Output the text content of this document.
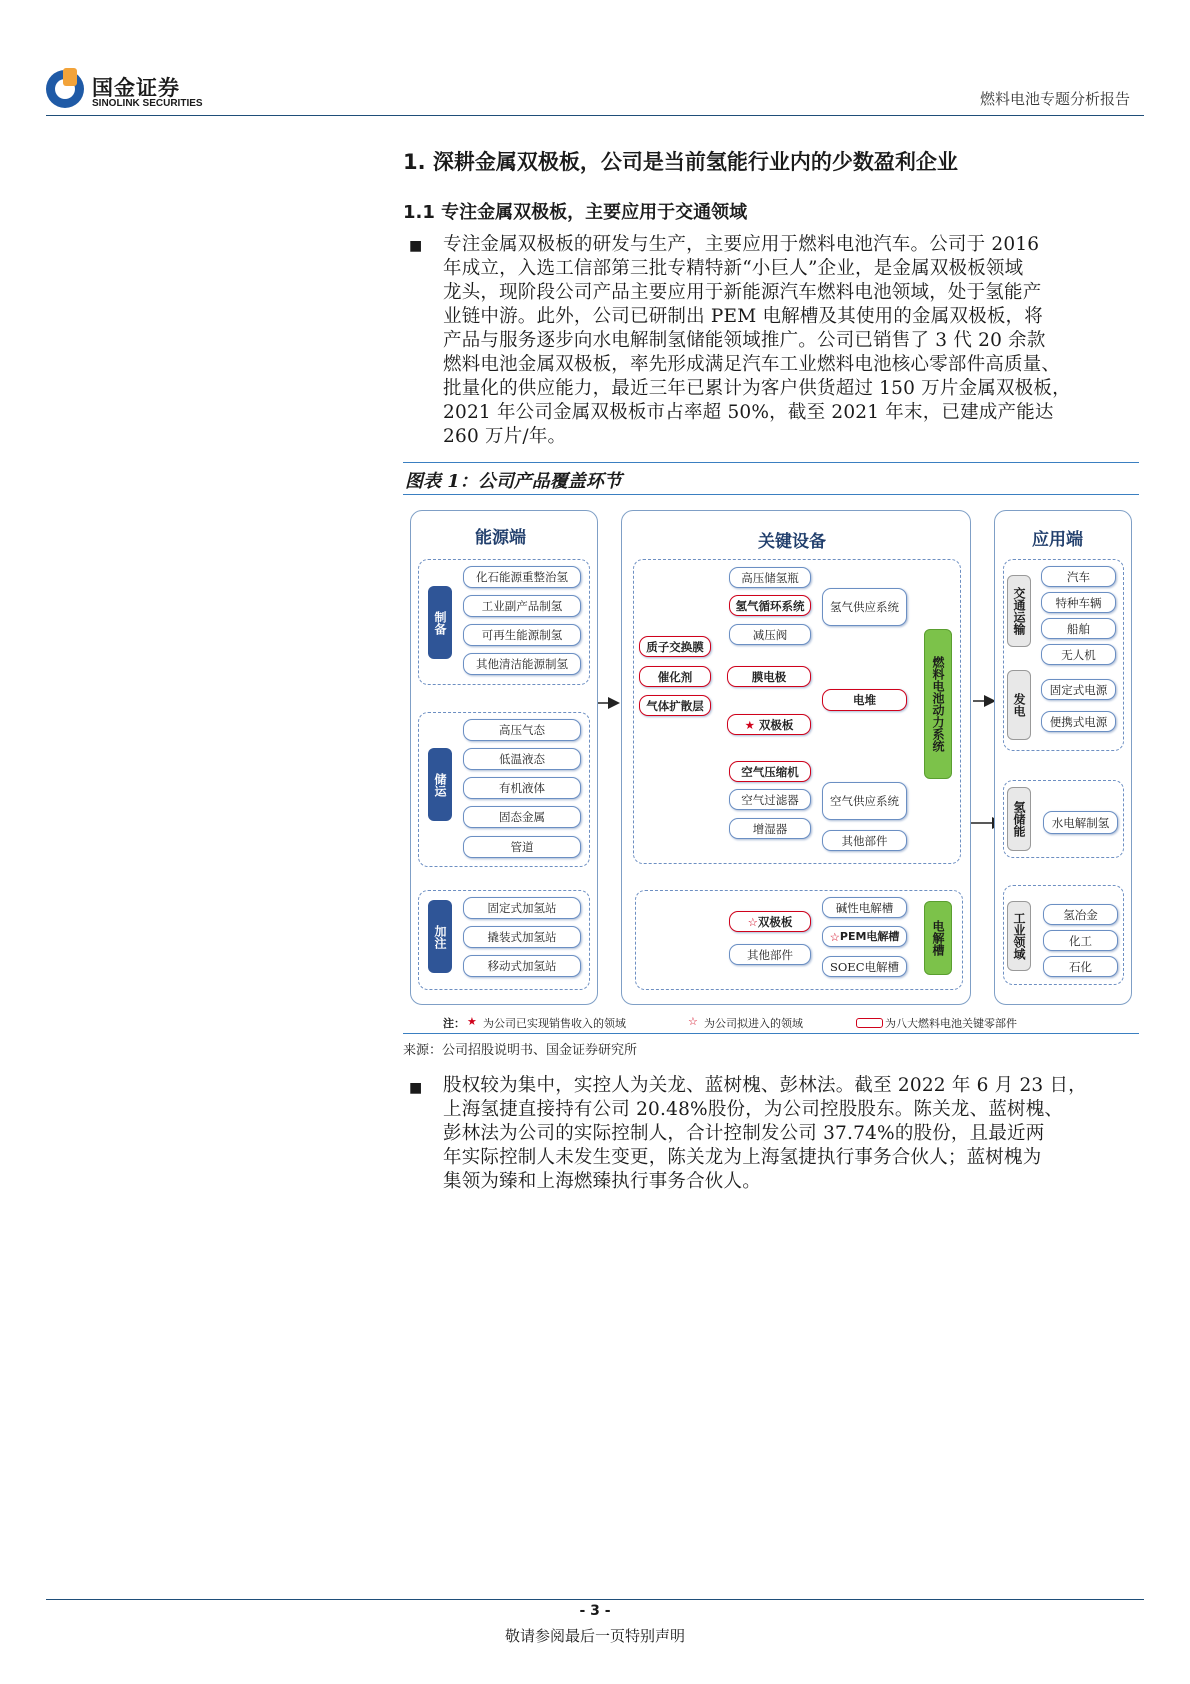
国金证券
SINOLINK SECURITIES	燃料电池专题分析报告
1. 深耕金属双极板，公司是当前氢能行业内的少数盈利企业
1.1 专注金属双极板，主要应用于交通领域
■ 专注金属双极板的研发与生产，主要应用于燃料电池汽车。公司于 2016
年成立，入选工信部第三批专精特新“小巨人”企业，是金属双极板领域
龙头，现阶段公司产品主要应用于新能源汽车燃料电池领域，处于氢能产
业链中游。此外，公司已研制出 PEM 电解槽及其使用的金属双极板，将
产品与服务逐步向水电解制氢储能领域推广。公司已销售了 3 代 20 余款
燃料电池金属双极板，率先形成满足汽车工业燃料电池核心零部件高质量、
批量化的供应能力，最近三年已累计为客户供货超过 150 万片金属双极板，
2021 年公司金属双极板市占率超 50%，截至 2021 年末，已建成产能达
260 万片/年。
图表 1：公司产品覆盖环节
能源端
制备
化石能源重整治氢
工业副产品制氢
可再生能源制氢
其他清洁能源制氢
储运
高压气态
低温液态
有机液体
固态金属
管道
加注
固定式加氢站
撬装式加氢站
移动式加氢站
关键设备
高压储氢瓶
氢气循环系统
减压阀
氢气供应系统
质子交换膜
催化剂
气体扩散层
膜电极
★
双极板
电堆	燃料电池动力系统
空气压缩机
空气过滤器
增湿器
空气供应系统
其他部件
☆ 双极板
其他部件
碱性电解槽
☆ PEM电解槽
SOEC电解槽
电解槽
应用端
交通运输
汽车
特种车辆
船舶
无人机
发电
固定式电源
便携式电源
氢储能	水电解制氢
工业领域	氢冶金
化工
石化
注： ★ 为公司已实现销售收入的领域	☆ 为公司拟进入的领域	为八大燃料电池关键零部件
来源：公司招股说明书、国金证券研究所
■ 股权较为集中，实控人为关龙、蓝树槐、彭林法。截至 2022 年 6 月 23 日，
上海氢捷直接持有公司 20.48%股份，为公司控股股东。陈关龙、蓝树槐、
彭林法为公司的实际控制人，合计控制发公司 37.74%的股份，且最近两
年实际控制人未发生变更，陈关龙为上海氢捷执行事务合伙人；蓝树槐为
集领为臻和上海燃臻执行事务合伙人。
- 3 -
敬请参阅最后一页特别声明
